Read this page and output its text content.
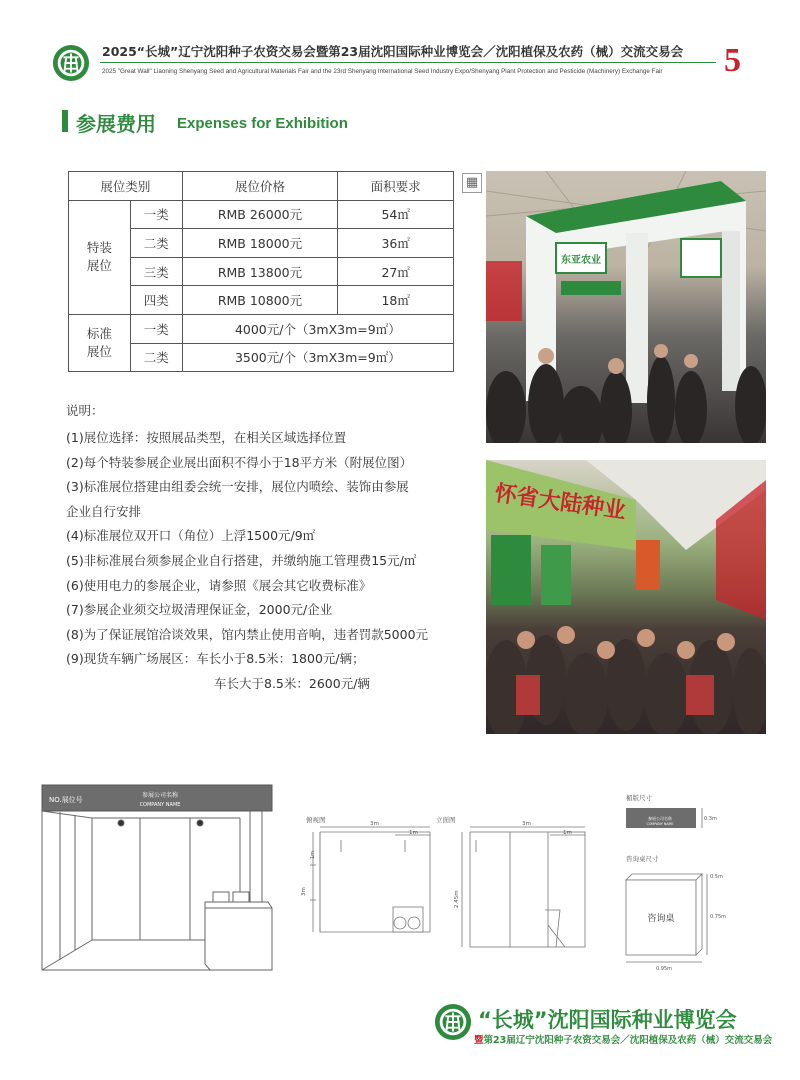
2025“长城”辽宁沈阳种子农资交易会暨第23届沈阳国际种业博览会／沈阳植保及农药（械）交流交易会
2025 "Great Wall" Liaoning Shenyang Seed and Agricultural Materials Fair and the 23rd Shenyang International Seed Industry Expo/Shenyang Plant Protection and Pesticide (Machinery) Exchange Fair	5
参展费用 Expenses for Exhibition
展位类别		展位价格	面积要求
特装
展位	一类	RMB 26000元	54㎡
	二类	RMB 18000元	36㎡
	三类	RMB 13800元	27㎡
	四类	RMB 10800元	18㎡
标准
展位	一类	4000元/个（3mX3m=9㎡）	
	二类	3500元/个（3mX3m=9㎡）	
▦
说明：
(1)展位选择：按照展品类型，在相关区域选择位置
(2)每个特装参展企业展出面积不得小于18平方米（附展位图）
(3)标准展位搭建由组委会统一安排，展位内喷绘、装饰由参展
企业自行安排
(4)标准展位双开口（角位）上浮1500元/9㎡
(5)非标准展台须参展企业自行搭建，并缴纳施工管理费15元/㎡
(6)使用电力的参展企业，请参照《展会其它收费标准》
(7)参展企业须交垃圾清理保证金，2000元/企业
(8)为了保证展馆洽谈效果，馆内禁止使用音响，违者罚款5000元
(9)现货车辆广场展区：车长小于8.5米：1800元/辆；
车长大于8.5米：2600元/辆
东亚农业
怀省大陆种业
NO.展位号
参展公司名称
COMPANY NAME
俯视图	3m
1m
3m
1m
立面图	3m
1m
2.45m
楣版尺寸
参展公司名称
COMPANY NAME
0.3m
咨询桌尺寸
咨询桌
0.5m
0.75m
0.95m
“长城”沈阳国际种业博览会
暨第23届辽宁沈阳种子农资交易会／沈阳植保及农药（械）交流交易会
